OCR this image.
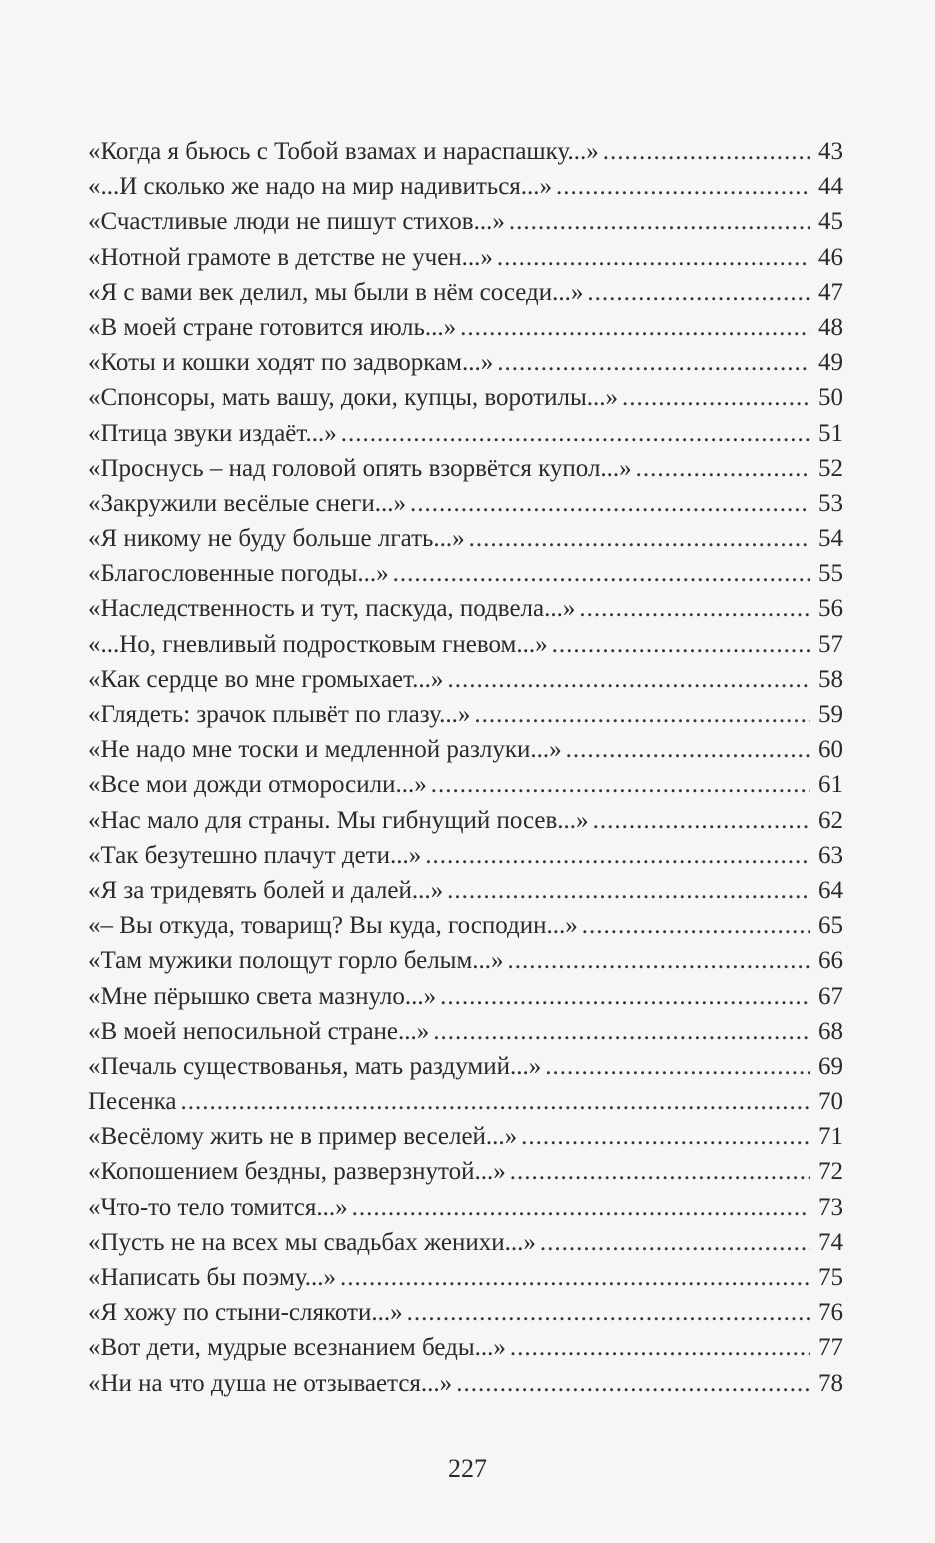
«Когда я бьюсь с Тобой взамах и нараспашку...» .....	43
«...И сколько же надо на мир надивиться...» .....	44
«Счастливые люди не пишут стихов...» .....	45
«Нотной грамоте в детстве не учен...» .....	46
«Я с вами век делил, мы были в нём соседи...» .....	47
«В моей стране готовится июль...» .....	48
«Коты и кошки ходят по задворкам...» .....	49
«Спонсоры, мать вашу, доки, купцы, воротилы...» .....	50
«Птица звуки издаёт...» .....	51
«Проснусь – над головой опять взорвётся купол...» .....	52
«Закружили весёлые снеги...» .....	53
«Я никому не буду больше лгать...» .....	54
«Благословенные погоды...» .....	55
«Наследственность и тут, паскуда, подвела...» .....	56
«...Но, гневливый подростковым гневом...» .....	57
«Как сердце во мне громыхает...» .....	58
«Глядеть: зрачок плывёт по глазу...» .....	59
«Не надо мне тоски и медленной разлуки...» .....	60
«Все мои дожди отморосили...» .....	61
«Нас мало для страны. Мы гибнущий посев...» .....	62
«Так безутешно плачут дети...» .....	63
«Я за тридевять болей и далей...» .....	64
«– Вы откуда, товарищ? Вы куда, господин...» .....	65
«Там мужики полощут горло белым...» .....	66
«Мне пёрышко света мазнуло...» .....	67
«В моей непосильной стране...» .....	68
«Печаль существованья, мать раздумий...» .....	69
Песенка .....	70
«Весёлому жить не в пример веселей...» .....	71
«Копошением бездны, разверзнутой...» .....	72
«Что-то тело томится...» .....	73
«Пусть не на всех мы свадьбах женихи...» .....	74
«Написать бы поэму...» .....	75
«Я хожу по стыни-слякоти...» .....	76
«Вот дети, мудрые всезнанием беды...» .....	77
«Ни на что душа не отзывается...» .....	78
227
